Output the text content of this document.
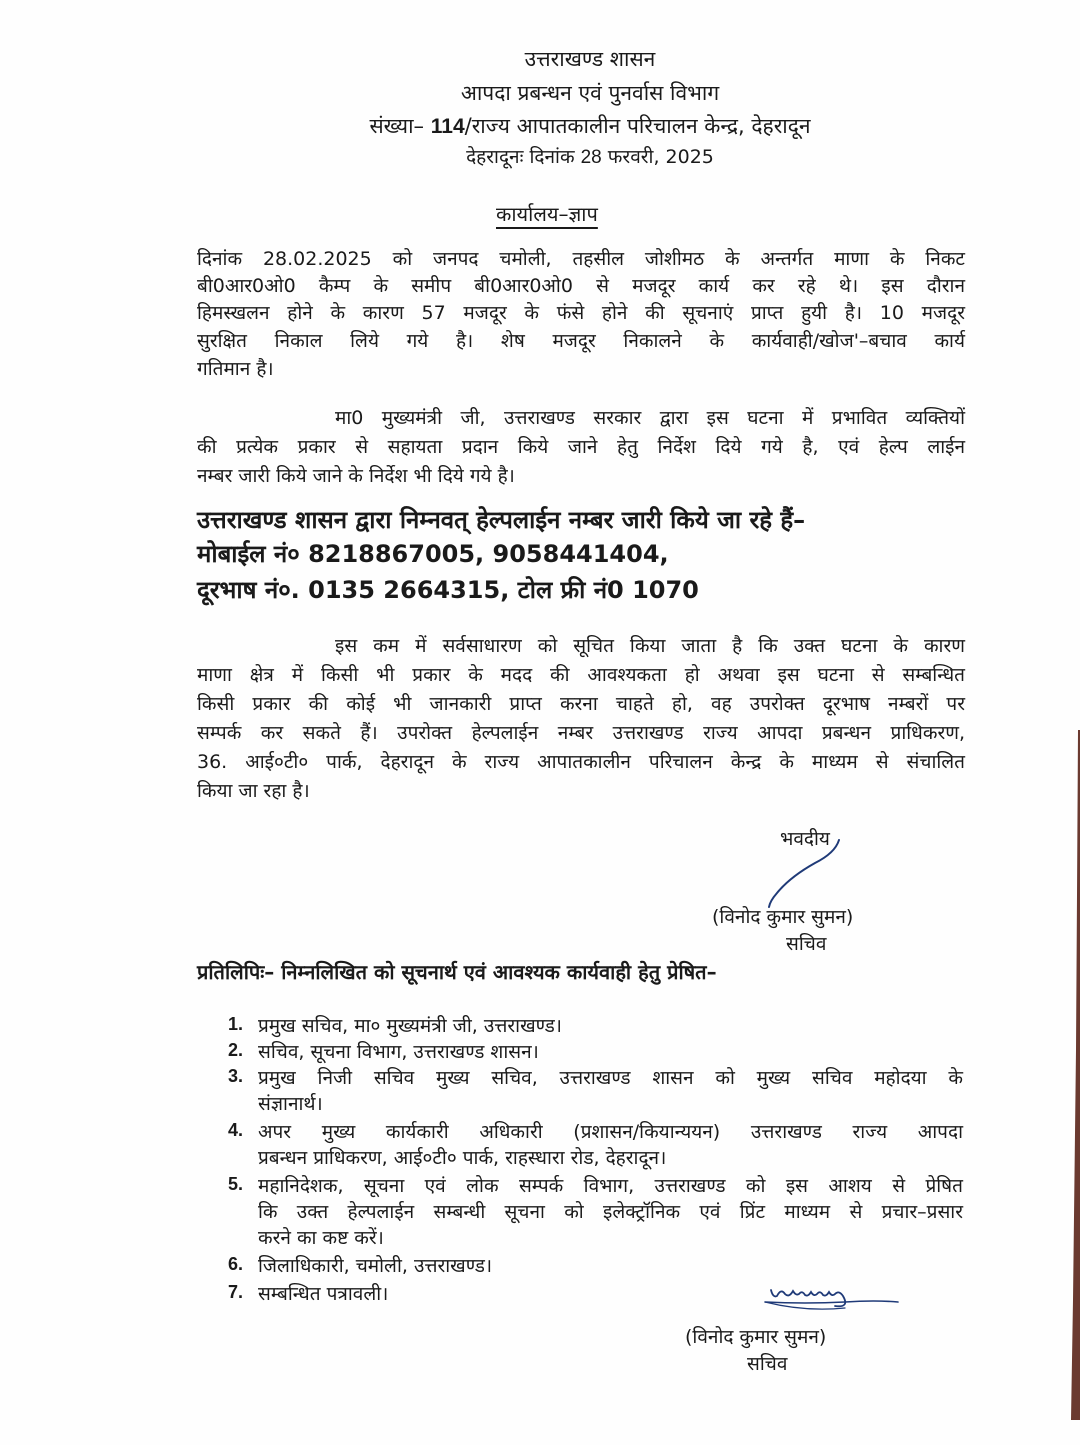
उत्तराखण्ड शासन
आपदा प्रबन्धन एवं पुनर्वास विभाग
संख्या– 114/राज्य आपातकालीन परिचालन केन्द्र, देहरादून
देहरादूनः दिनांक 28 फरवरी, 2025
कार्यालय–ज्ञाप
दिनांक 28.02.2025 को जनपद चमोली, तहसील जोशीमठ के अन्तर्गत माणा के निकट
बी0आर0ओ0 कैम्प के समीप बी0आर0ओ0 से मजदूर कार्य कर रहे थे। इस दौरान
हिमस्खलन होने के कारण 57 मजदूर के फंसे होने की सूचनाएं प्राप्त हुयी है। 10 मजदूर
सुरक्षित निकाल लिये गये है। शेष मजदूर निकालने के कार्यवाही/खोज'–बचाव कार्य
गतिमान है।
मा0 मुख्यमंत्री जी, उत्तराखण्ड सरकार द्वारा इस घटना में प्रभावित व्यक्तियों
की प्रत्येक प्रकार से सहायता प्रदान किये जाने हेतु निर्देश दिये गये है, एवं हेल्प लाईन
नम्बर जारी किये जाने के निर्देश भी दिये गये है।
उत्तराखण्ड शासन द्वारा निम्नवत् हेल्पलाईन नम्बर जारी किये जा रहे हैं–
मोबाईल नं० 8218867005, 9058441404,
दूरभाष नं०. 0135 2664315, टोल फ्री नं0 1070
इस कम में सर्वसाधारण को सूचित किया जाता है कि उक्त घटना के कारण
माणा क्षेत्र में किसी भी प्रकार के मदद की आवश्यकता हो अथवा इस घटना से सम्बन्धित
किसी प्रकार की कोई भी जानकारी प्राप्त करना चाहते हो, वह उपरोक्त दूरभाष नम्बरों पर
सम्पर्क कर सकते हैं। उपरोक्त हेल्पलाईन नम्बर उत्तराखण्ड राज्य आपदा प्रबन्धन प्राधिकरण,
36. आई०टी० पार्क, देहरादून के राज्य आपातकालीन परिचालन केन्द्र के माध्यम से संचालित
किया जा रहा है।
भवदीय
(विनोद कुमार सुमन)
सचिव
प्रतिलिपिः– निम्नलिखित को सूचनार्थ एवं आवश्यक कार्यवाही हेतु प्रेषित–
1. प्रमुख सचिव, मा० मुख्यमंत्री जी, उत्तराखण्ड।
2. सचिव, सूचना विभाग, उत्तराखण्ड शासन।
3. प्रमुख निजी सचिव मुख्य सचिव, उत्तराखण्ड शासन को मुख्य सचिव महोदया के
संज्ञानार्थ।
4. अपर मुख्य कार्यकारी अधिकारी (प्रशासन/कियान्ययन) उत्तराखण्ड राज्य आपदा
प्रबन्धन प्राधिकरण, आई०टी० पार्क, राहस्धारा रोड, देहरादून।
5. महानिदेशक, सूचना एवं लोक सम्पर्क विभाग, उत्तराखण्ड को इस आशय से प्रेषित
कि उक्त हेल्पलाईन सम्बन्धी सूचना को इलेक्ट्रॉनिक एवं प्रिंट माध्यम से प्रचार–प्रसार
करने का कष्ट करें।
6. जिलाधिकारी, चमोली, उत्तराखण्ड।
7. सम्बन्धित पत्रावली।
(विनोद कुमार सुमन)
सचिव
